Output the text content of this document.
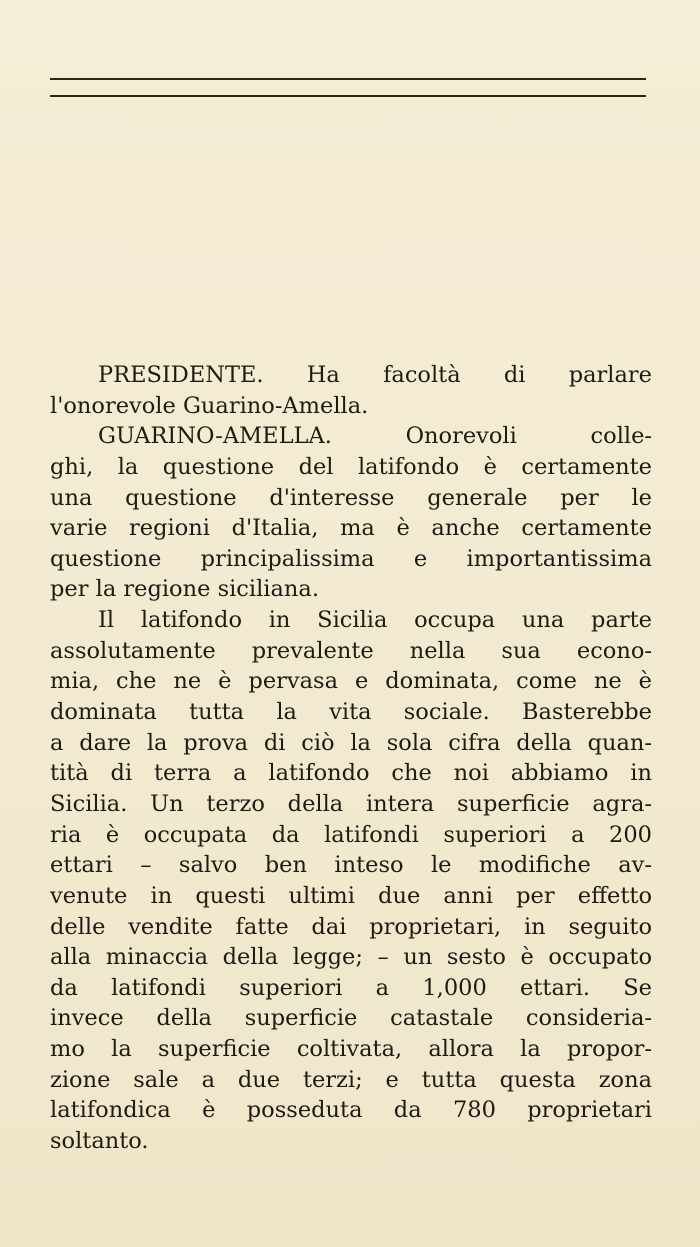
PRESIDENTE. Ha facoltà di parlare
l'onorevole Guarino-Amella.
GUARINO-AMELLA. Onorevoli colle-
ghi, la questione del latifondo è certamente
una questione d'interesse generale per le
varie regioni d'Italia, ma è anche certamente
questione principalissima e importantissima
per la regione siciliana.
Il latifondo in Sicilia occupa una parte
assolutamente prevalente nella sua econo-
mia, che ne è pervasa e dominata, come ne è
dominata tutta la vita sociale. Basterebbe
a dare la prova di ciò la sola cifra della quan-
tità di terra a latifondo che noi abbiamo in
Sicilia. Un terzo della intera superficie agra-
ria è occupata da latifondi superiori a 200
ettari – salvo ben inteso le modifiche av-
venute in questi ultimi due anni per effetto
delle vendite fatte dai proprietari, in seguito
alla minaccia della legge; – un sesto è occupato
da latifondi superiori a 1,000 ettari. Se
invece della superficie catastale consideria-
mo la superficie coltivata, allora la propor-
zione sale a due terzi; e tutta questa zona
latifondica è posseduta da 780 proprietari
soltanto.
